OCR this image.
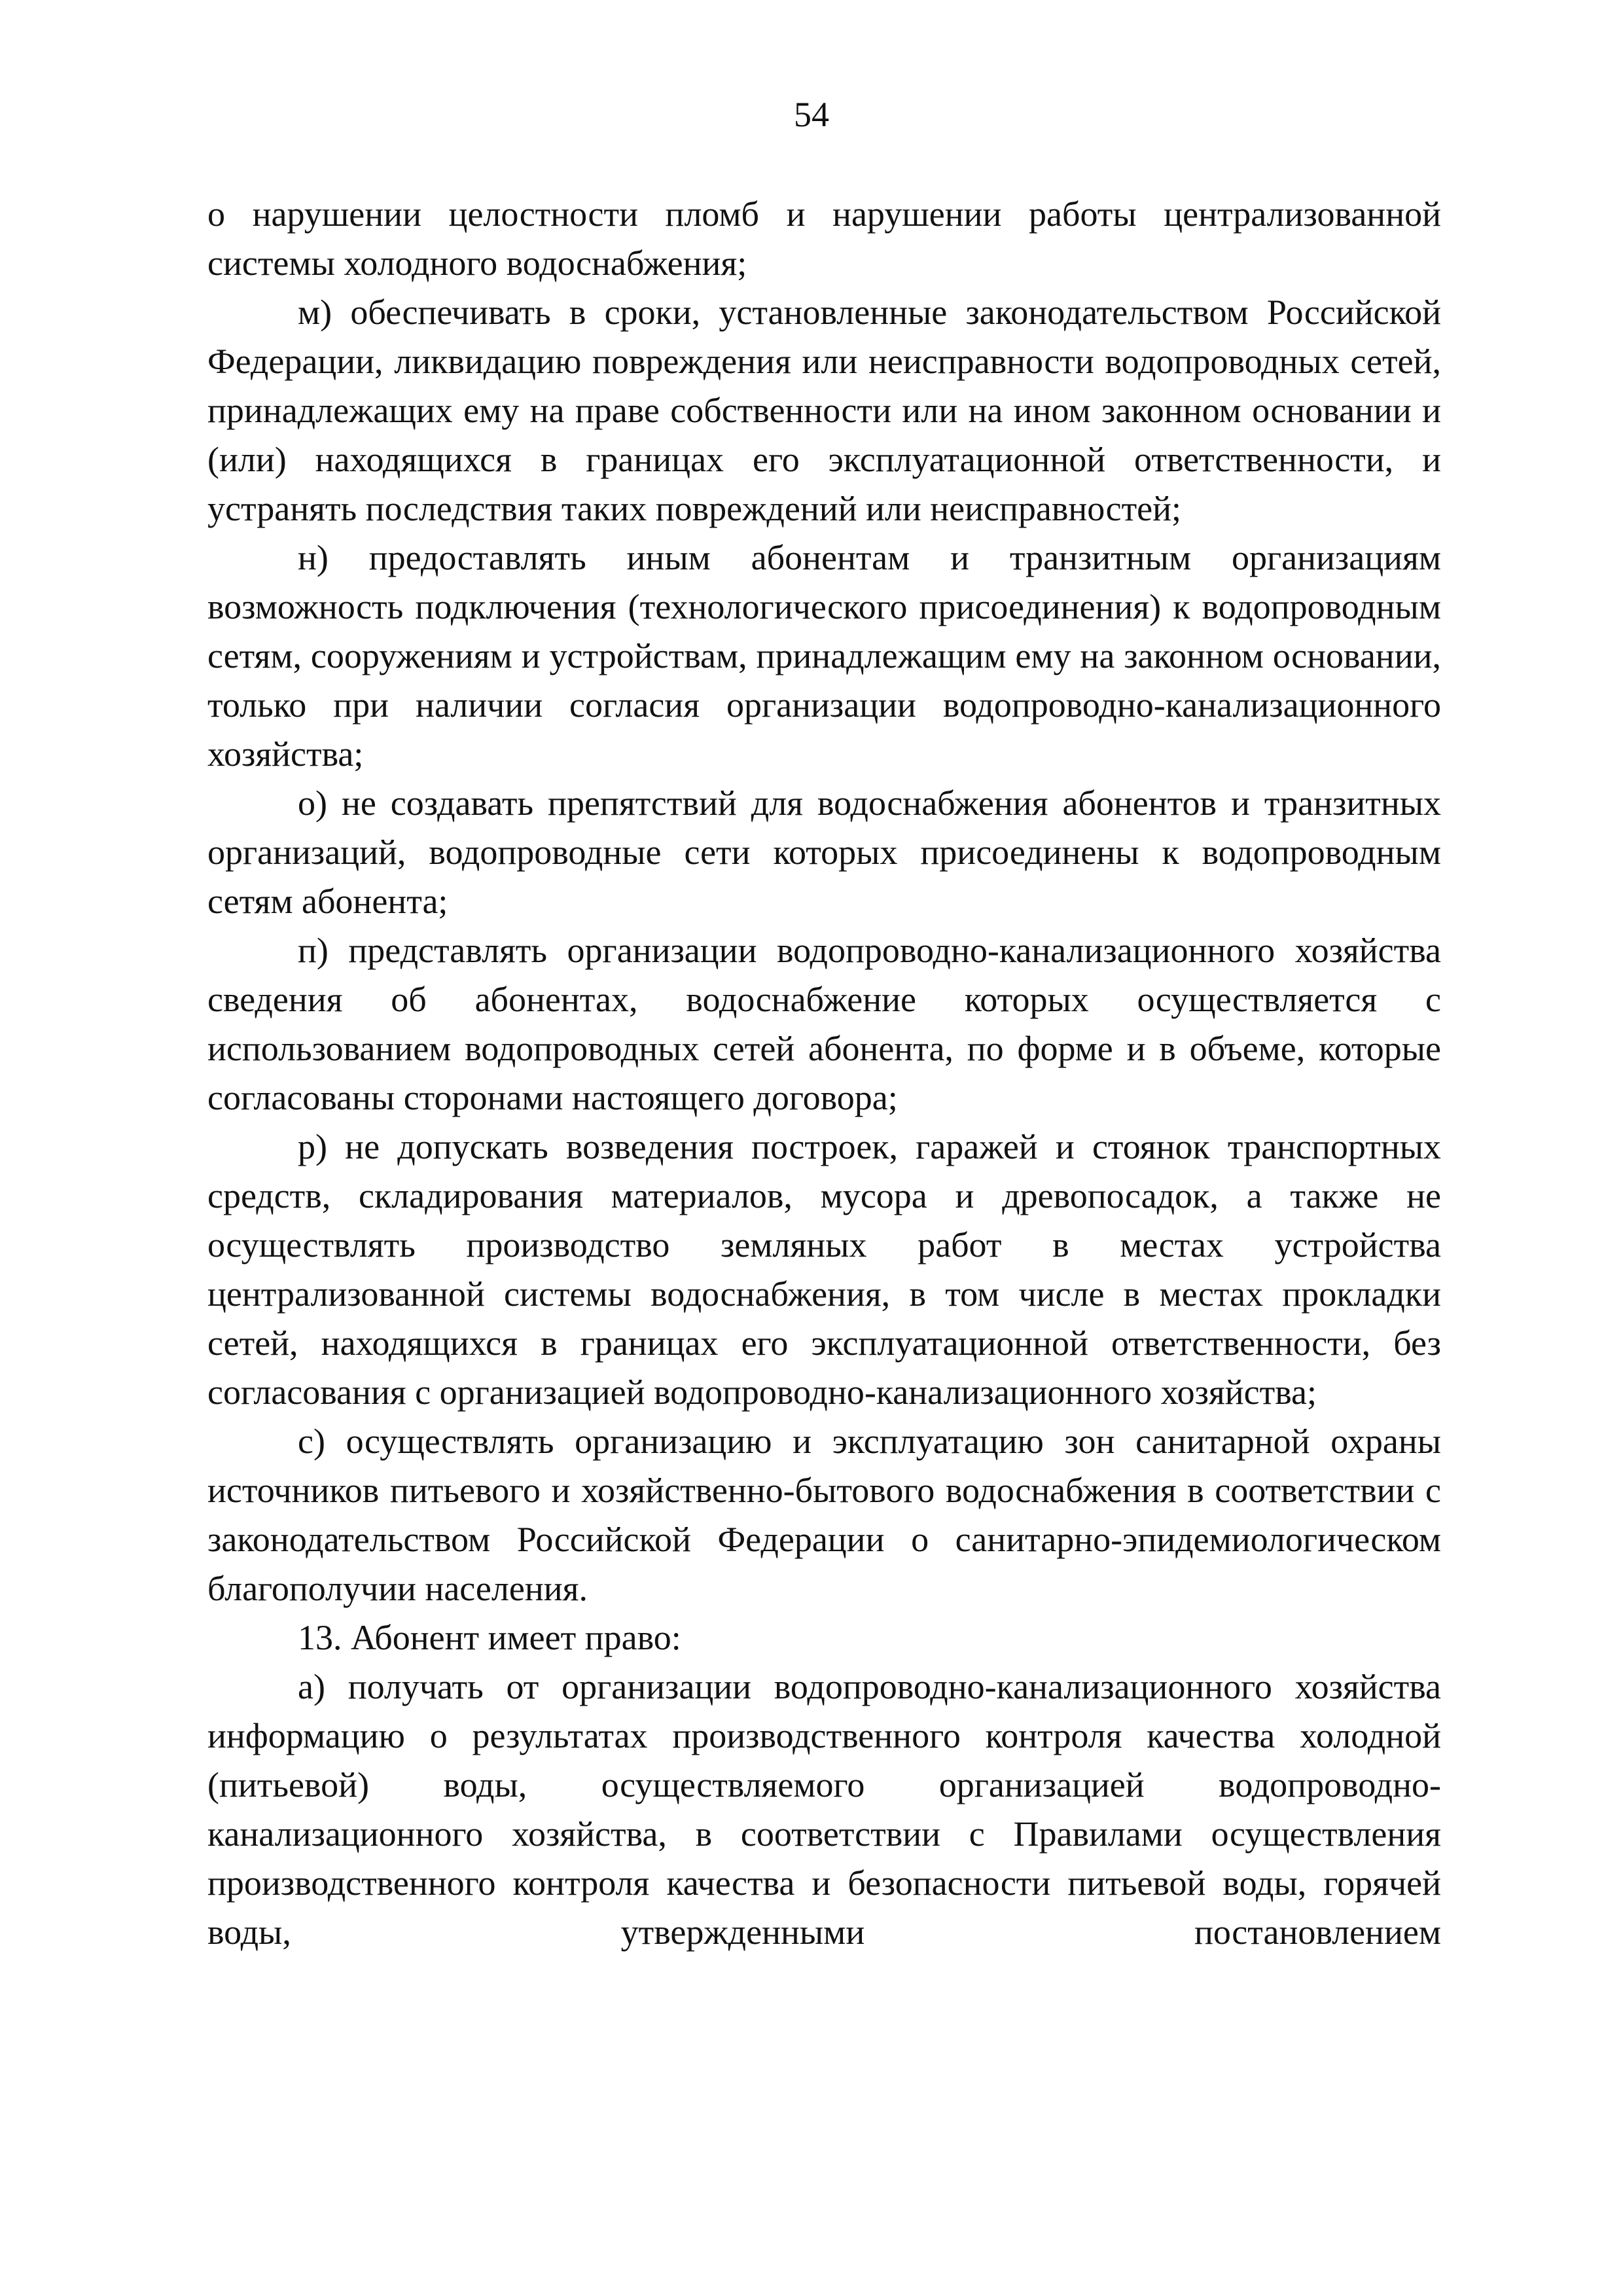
54

о нарушении целостности пломб и нарушении работы централизованной системы холодного водоснабжения;

м) обеспечивать в сроки, установленные законодательством Российской Федерации, ликвидацию повреждения или неисправности водопроводных сетей, принадлежащих ему на праве собственности или на ином законном основании и (или) находящихся в границах его эксплуатационной ответственности, и устранять последствия таких повреждений или неисправностей;

н) предоставлять иным абонентам и транзитным организациям возможность подключения (технологического присоединения) к водопроводным сетям, сооружениям и устройствам, принадлежащим ему на законном основании, только при наличии согласия организации водопроводно-канализационного хозяйства;

о) не создавать препятствий для водоснабжения абонентов и транзитных организаций, водопроводные сети которых присоединены к водопроводным сетям абонента;

п) представлять организации водопроводно-канализационного хозяйства сведения об абонентах, водоснабжение которых осуществляется с использованием водопроводных сетей абонента, по форме и в объеме, которые согласованы сторонами настоящего договора;

р) не допускать возведения построек, гаражей и стоянок транспортных средств, складирования материалов, мусора и древопосадок, а также не осуществлять производство земляных работ в местах устройства централизованной системы водоснабжения, в том числе в местах прокладки сетей, находящихся в границах его эксплуатационной ответственности, без согласования с организацией водопроводно-канализационного хозяйства;

с) осуществлять организацию и эксплуатацию зон санитарной охраны источников питьевого и хозяйственно-бытового водоснабжения в соответствии с законодательством Российской Федерации о санитарно-эпидемиологическом благополучии населения.

13. Абонент имеет право:

а) получать от организации водопроводно-канализационного хозяйства информацию о результатах производственного контроля качества холодной (питьевой) воды, осуществляемого организацией водопроводно-канализационного хозяйства, в соответствии с Правилами осуществления производственного контроля качества и безопасности питьевой воды, горячей воды, утвержденными постановлением
